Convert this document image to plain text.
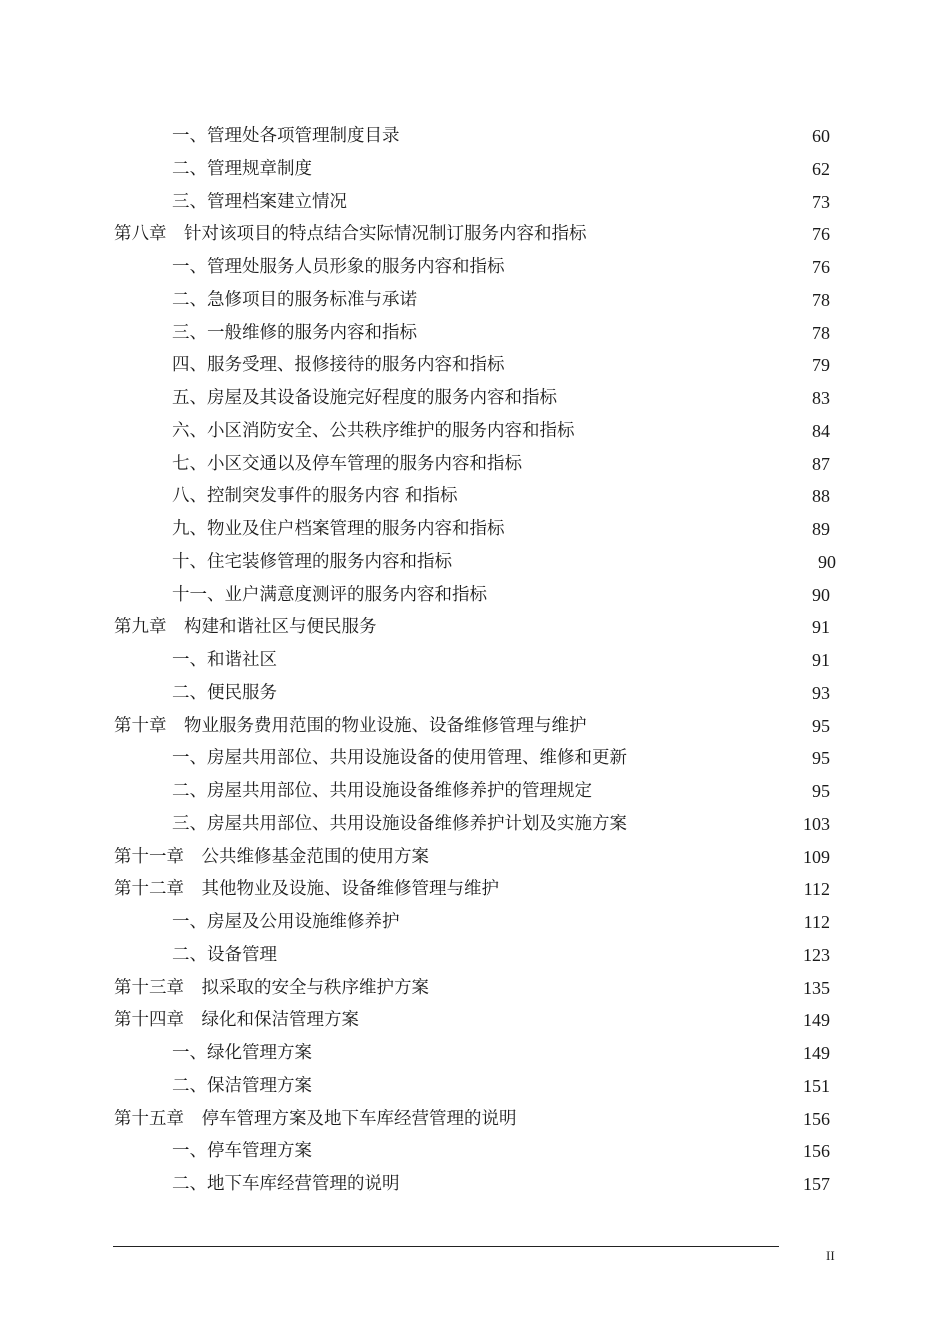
一、管理处各项管理制度目录	60
二、管理规章制度	62
三、管理档案建立情况	73
第八章　针对该项目的特点结合实际情况制订服务内容和指标	76
一、管理处服务人员形象的服务内容和指标	76
二、急修项目的服务标准与承诺	78
三、一般维修的服务内容和指标	78
四、服务受理、报修接待的服务内容和指标	79
五、房屋及其设备设施完好程度的服务内容和指标	83
六、小区消防安全、公共秩序维护的服务内容和指标	84
七、小区交通以及停车管理的服务内容和指标	87
八、控制突发事件的服务内容 和指标	88
九、物业及住户档案管理的服务内容和指标	89
十、住宅装修管理的服务内容和指标	90
十一、业户满意度测评的服务内容和指标	90
第九章　构建和谐社区与便民服务	91
一、和谐社区	91
二、便民服务	93
第十章　物业服务费用范围的物业设施、设备维修管理与维护	95
一、房屋共用部位、共用设施设备的使用管理、维修和更新	95
二、房屋共用部位、共用设施设备维修养护的管理规定	95
三、房屋共用部位、共用设施设备维修养护计划及实施方案	103
第十一章　公共维修基金范围的使用方案	109
第十二章　其他物业及设施、设备维修管理与维护	112
一、房屋及公用设施维修养护	112
二、设备管理	123
第十三章　拟采取的安全与秩序维护方案	135
第十四章　绿化和保洁管理方案	149
一、绿化管理方案	149
二、保洁管理方案	151
第十五章　停车管理方案及地下车库经营管理的说明	156
一、停车管理方案	156
二、地下车库经营管理的说明	157
II
